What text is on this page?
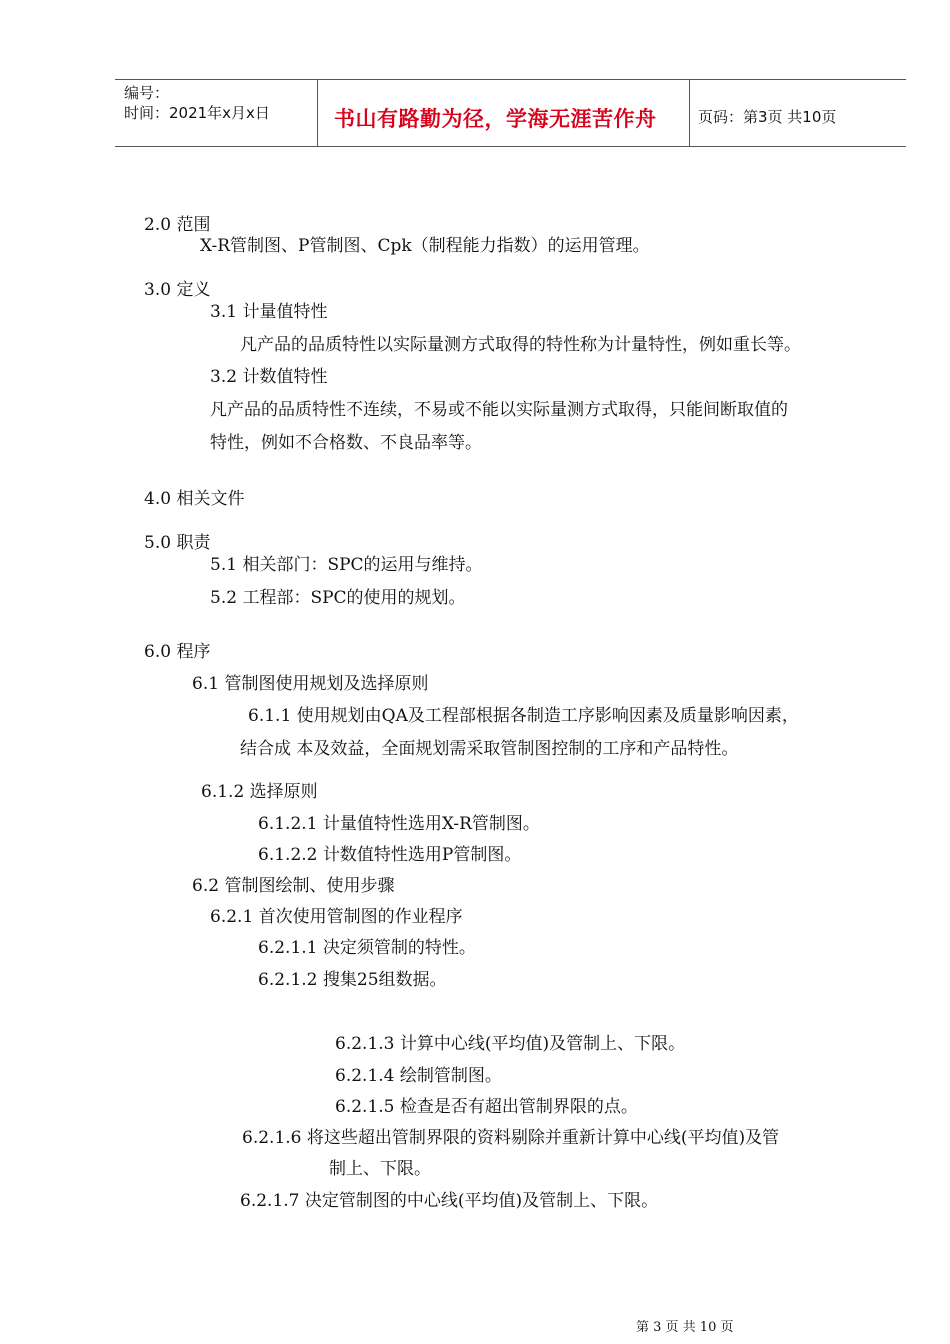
编号：
时间：2021年x月x日	书山有路勤为径，学海无涯苦作舟	页码：第3页 共10页
2.0 范围
X-R管制图、P管制图、Cpk（制程能力指数）的运用管理。
3.0 定义
3.1 计量值特性
凡产品的品质特性以实际量测方式取得的特性称为计量特性，例如重长等。
3.2 计数值特性
凡产品的品质特性不连续，不易或不能以实际量测方式取得，只能间断取值的
特性，例如不合格数、不良品率等。
4.0 相关文件
5.0 职责
5.1 相关部门：SPC的运用与维持。
5.2 工程部：SPC的使用的规划。
6.0 程序
6.1 管制图使用规划及选择原则
6.1.1 使用规划由QA及工程部根据各制造工序影响因素及质量影响因素，
结合成 本及效益，全面规划需采取管制图控制的工序和产品特性。
6.1.2 选择原则
6.1.2.1 计量值特性选用X-R管制图。
6.1.2.2 计数值特性选用P管制图。
6.2 管制图绘制、使用步骤
6.2.1 首次使用管制图的作业程序
6.2.1.1 决定须管制的特性。
6.2.1.2 搜集25组数据。
6.2.1.3 计算中心线(平均值)及管制上、下限。
6.2.1.4 绘制管制图。
6.2.1.5 检查是否有超出管制界限的点。
6.2.1.6 将这些超出管制界限的资料剔除并重新计算中心线(平均值)及管
制上、下限。
6.2.1.7 决定管制图的中心线(平均值)及管制上、下限。
第 3 页 共 10 页
